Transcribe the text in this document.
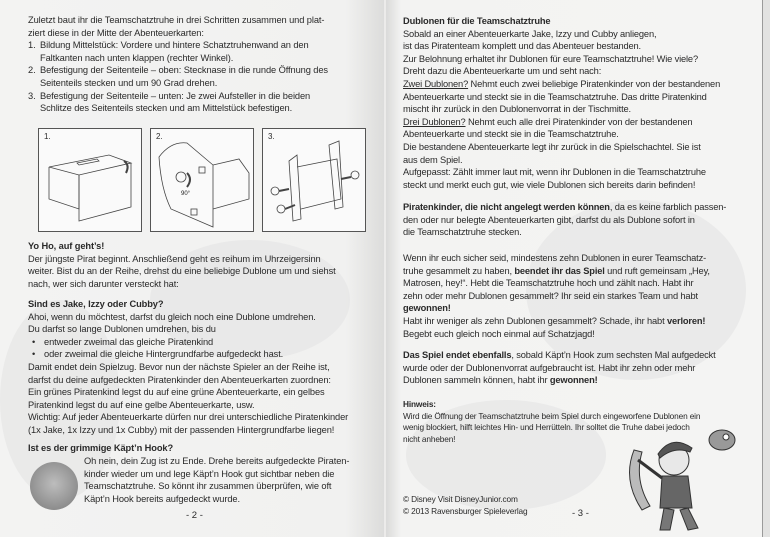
Zuletzt baut ihr die Teamschatztruhe in drei Schritten zusammen und plat-
ziert diese in der Mitte der Abenteuerkarten:
1. Bildung Mittelstück: Vordere und hintere Schatztruhenwand an den
Faltkanten nach unten klappen (rechter Winkel).
2. Befestigung der Seitenteile – oben: Stecknase in die runde Öffnung des
Seitenteils stecken und um 90 Grad drehen.
3. Befestigung der Seitenteile – unten: Je zwei Aufsteller in die beiden
Schlitze des Seitenteils stecken und am Mittelstück befestigen.
1.	2.
90°
3.
Yo Ho, auf geht’s!
Der jüngste Pirat beginnt. Anschließend geht es reihum im Uhrzeigersinn
weiter. Bist du an der Reihe, drehst du eine beliebige Dublone um und siehst
nach, wer sich darunter versteckt hat:
Sind es Jake, Izzy oder Cubby?
Ahoi, wenn du möchtest, darfst du gleich noch eine Dublone umdrehen.
Du darfst so lange Dublonen umdrehen, bis du
• entweder zweimal das gleiche Piratenkind
• oder zweimal die gleiche Hintergrundfarbe aufgedeckt hast.
Damit endet dein Spielzug. Bevor nun der nächste Spieler an der Reihe ist,
darfst du deine aufgedeckten Piratenkinder den Abenteuerkarten zuordnen:
Ein grünes Piratenkind legst du auf eine grüne Abenteuerkarte, ein gelbes
Piratenkind legst du auf eine gelbe Abenteuerkarte, usw.
Wichtig: Auf jeder Abenteuerkarte dürfen nur drei unterschiedliche Piratenkinder
(1x Jake, 1x Izzy und 1x Cubby) mit der passenden Hintergrundfarbe liegen!
Ist es der grimmige Käpt’n Hook?
Oh nein, dein Zug ist zu Ende. Drehe bereits aufgedeckte Piraten-
kinder wieder um und lege Käpt’n Hook gut sichtbar neben die
Teamschatztruhe. So könnt ihr zusammen überprüfen, wie oft
Käpt’n Hook bereits aufgedeckt wurde.
- 2 -
Dublonen für die Teamschatztruhe
Sobald an einer Abenteuerkarte Jake, Izzy und Cubby anliegen,
ist das Piratenteam komplett und das Abenteuer bestanden.
Zur Belohnung erhaltet ihr Dublonen für eure Teamschatztruhe! Wie viele?
Dreht dazu die Abenteuerkarte um und seht nach:
Zwei Dublonen? Nehmt euch zwei beliebige Piratenkinder von der bestandenen
Abenteuerkarte und steckt sie in die Teamschatztruhe. Das dritte Piratenkind
mischt ihr zurück in den Dublonenvorrat in der Tischmitte.
Drei Dublonen? Nehmt euch alle drei Piratenkinder von der bestandenen
Abenteuerkarte und steckt sie in die Teamschatztruhe.
Die bestandene Abenteuerkarte legt ihr zurück in die Spielschachtel. Sie ist
aus dem Spiel.
Aufgepasst: Zählt immer laut mit, wenn ihr Dublonen in die Teamschatztruhe
steckt und merkt euch gut, wie viele Dublonen sich bereits darin befinden!
Piratenkinder, die nicht angelegt werden können, da es keine farblich passen-
den oder nur belegte Abenteuerkarten gibt, darfst du als Dublone sofort in
die Teamschatztruhe stecken.
Wenn ihr euch sicher seid, mindestens zehn Dublonen in eurer Teamschatz-
truhe gesammelt zu haben, beendet ihr das Spiel und ruft gemeinsam „Hey,
Matrosen, hey!“. Hebt die Teamschatztruhe hoch und zählt nach. Habt ihr
zehn oder mehr Dublonen gesammelt? Ihr seid ein starkes Team und habt
gewonnen!
Habt ihr weniger als zehn Dublonen gesammelt? Schade, ihr habt verloren!
Begebt euch gleich noch einmal auf Schatzjagd!
Das Spiel endet ebenfalls, sobald Käpt’n Hook zum sechsten Mal aufgedeckt
wurde oder der Dublonenvorrat aufgebraucht ist. Habt ihr zehn oder mehr
Dublonen sammeln können, habt ihr gewonnen!
Hinweis:
Wird die Öffnung der Teamschatztruhe beim Spiel durch eingeworfene Dublonen ein
wenig blockiert, hilft leichtes Hin- und Herrütteln. Ihr solltet die Truhe dabei jedoch
nicht anheben!
© Disney Visit DisneyJunior.com
© 2013 Ravensburger Spieleverlag	- 3 -
